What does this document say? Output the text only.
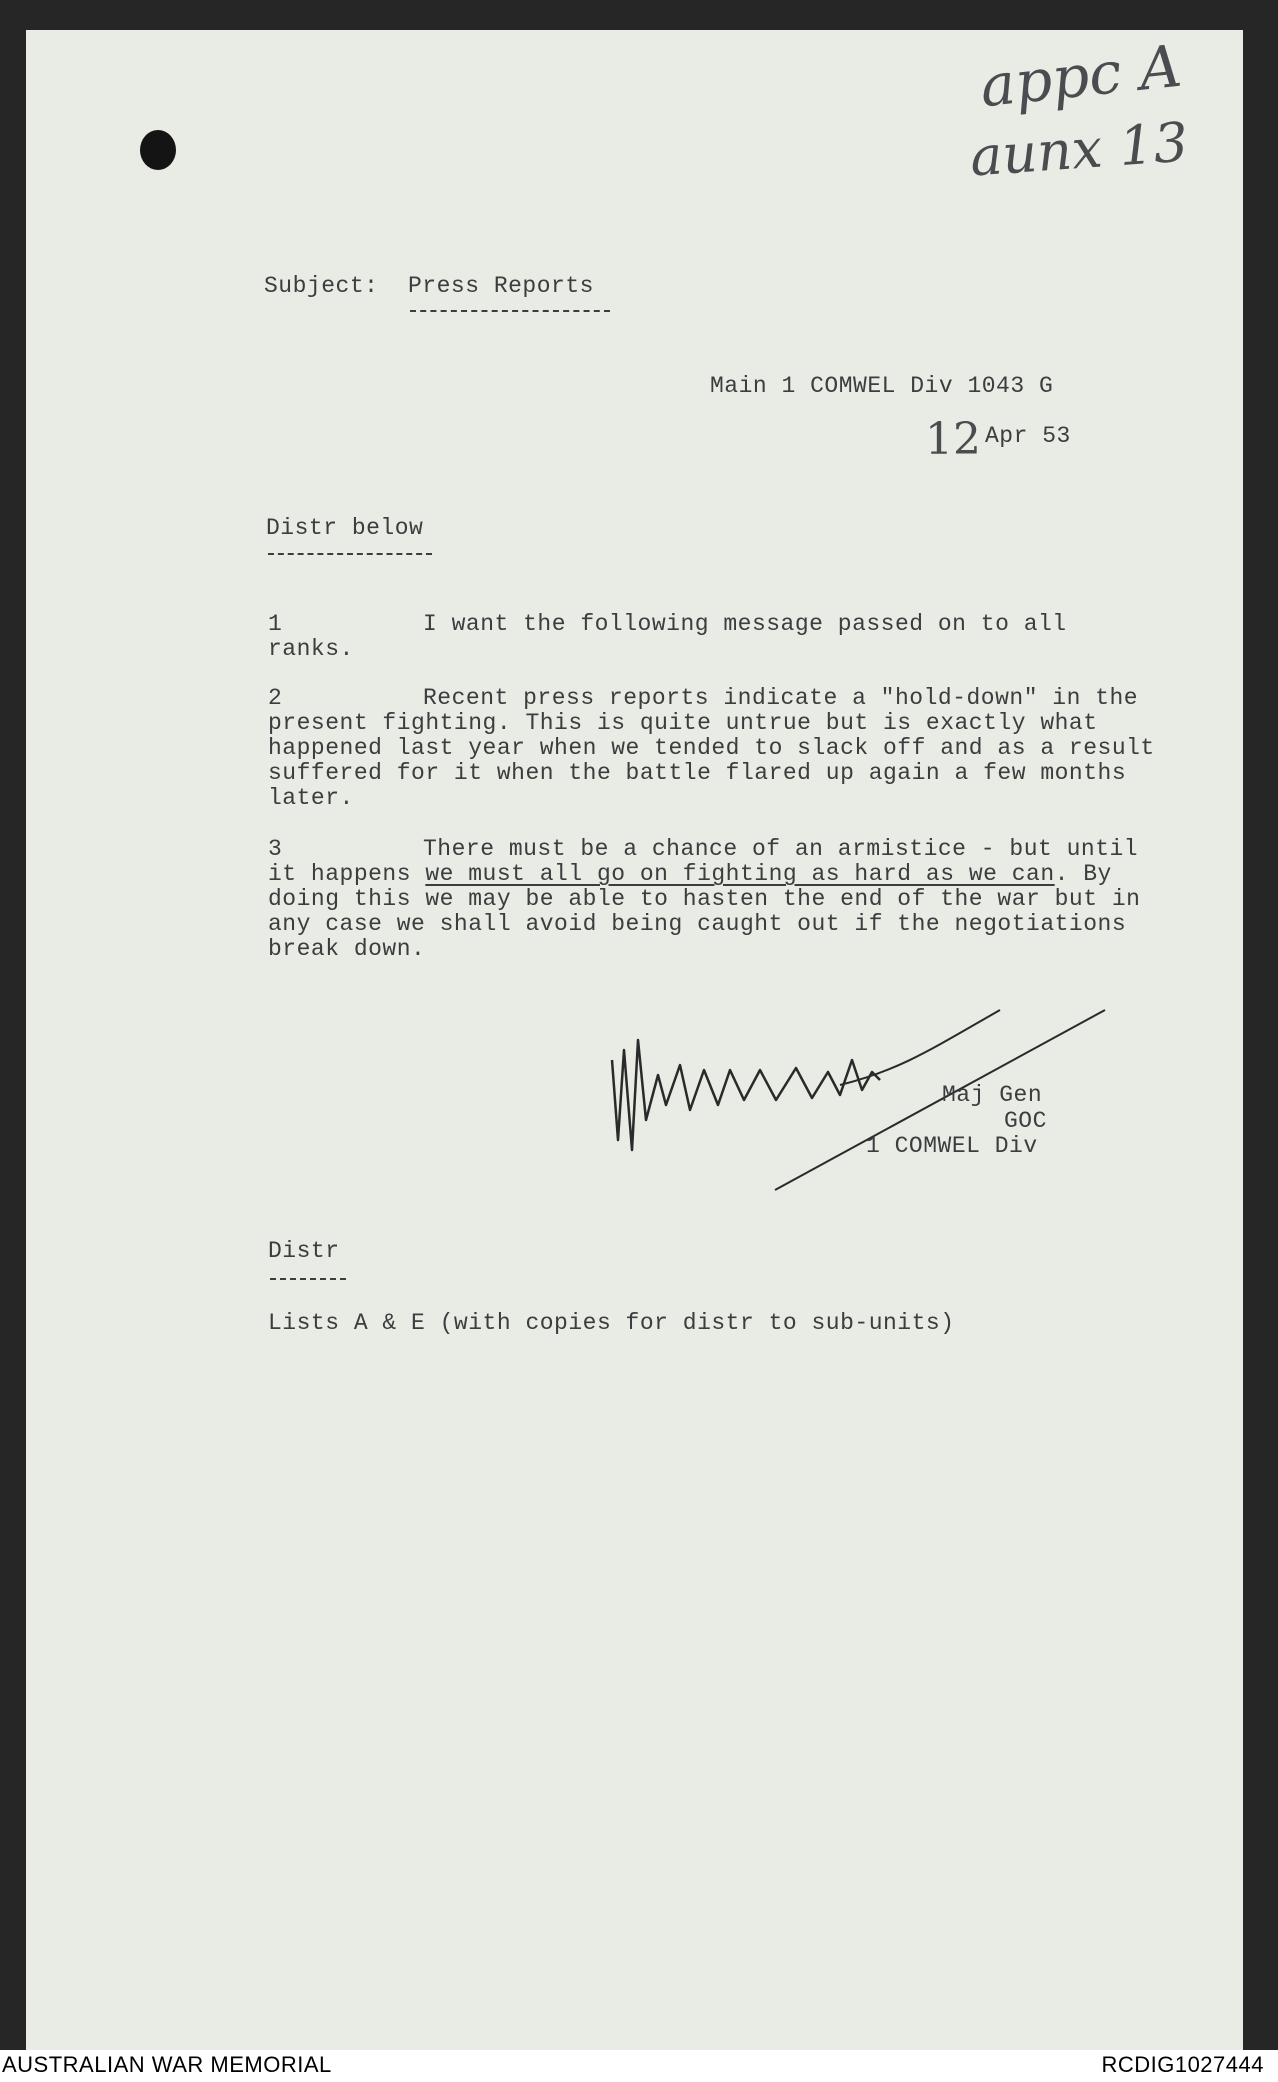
appc A
aunx 13
Subject: Press Reports
Main 1 COMWEL Div 1043 G
12 Apr 53
Distr below
1	I want the following message passed on to all ranks.
2	Recent press reports indicate a "hold-down" in the present fighting. This is quite untrue but is exactly what happened last year when we tended to slack off and as a result suffered for it when the battle flared up again a few months later.
3	There must be a chance of an armistice - but until it happens we must all go on fighting as hard as we can. By doing this we may be able to hasten the end of the war but in any case we shall avoid being caught out if the negotiations break down.
Maj Gen
GOC
1 COMWEL Div
Distr
Lists A & E (with copies for distr to sub-units)
AUSTRALIAN WAR MEMORIAL	RCDIG1027444
